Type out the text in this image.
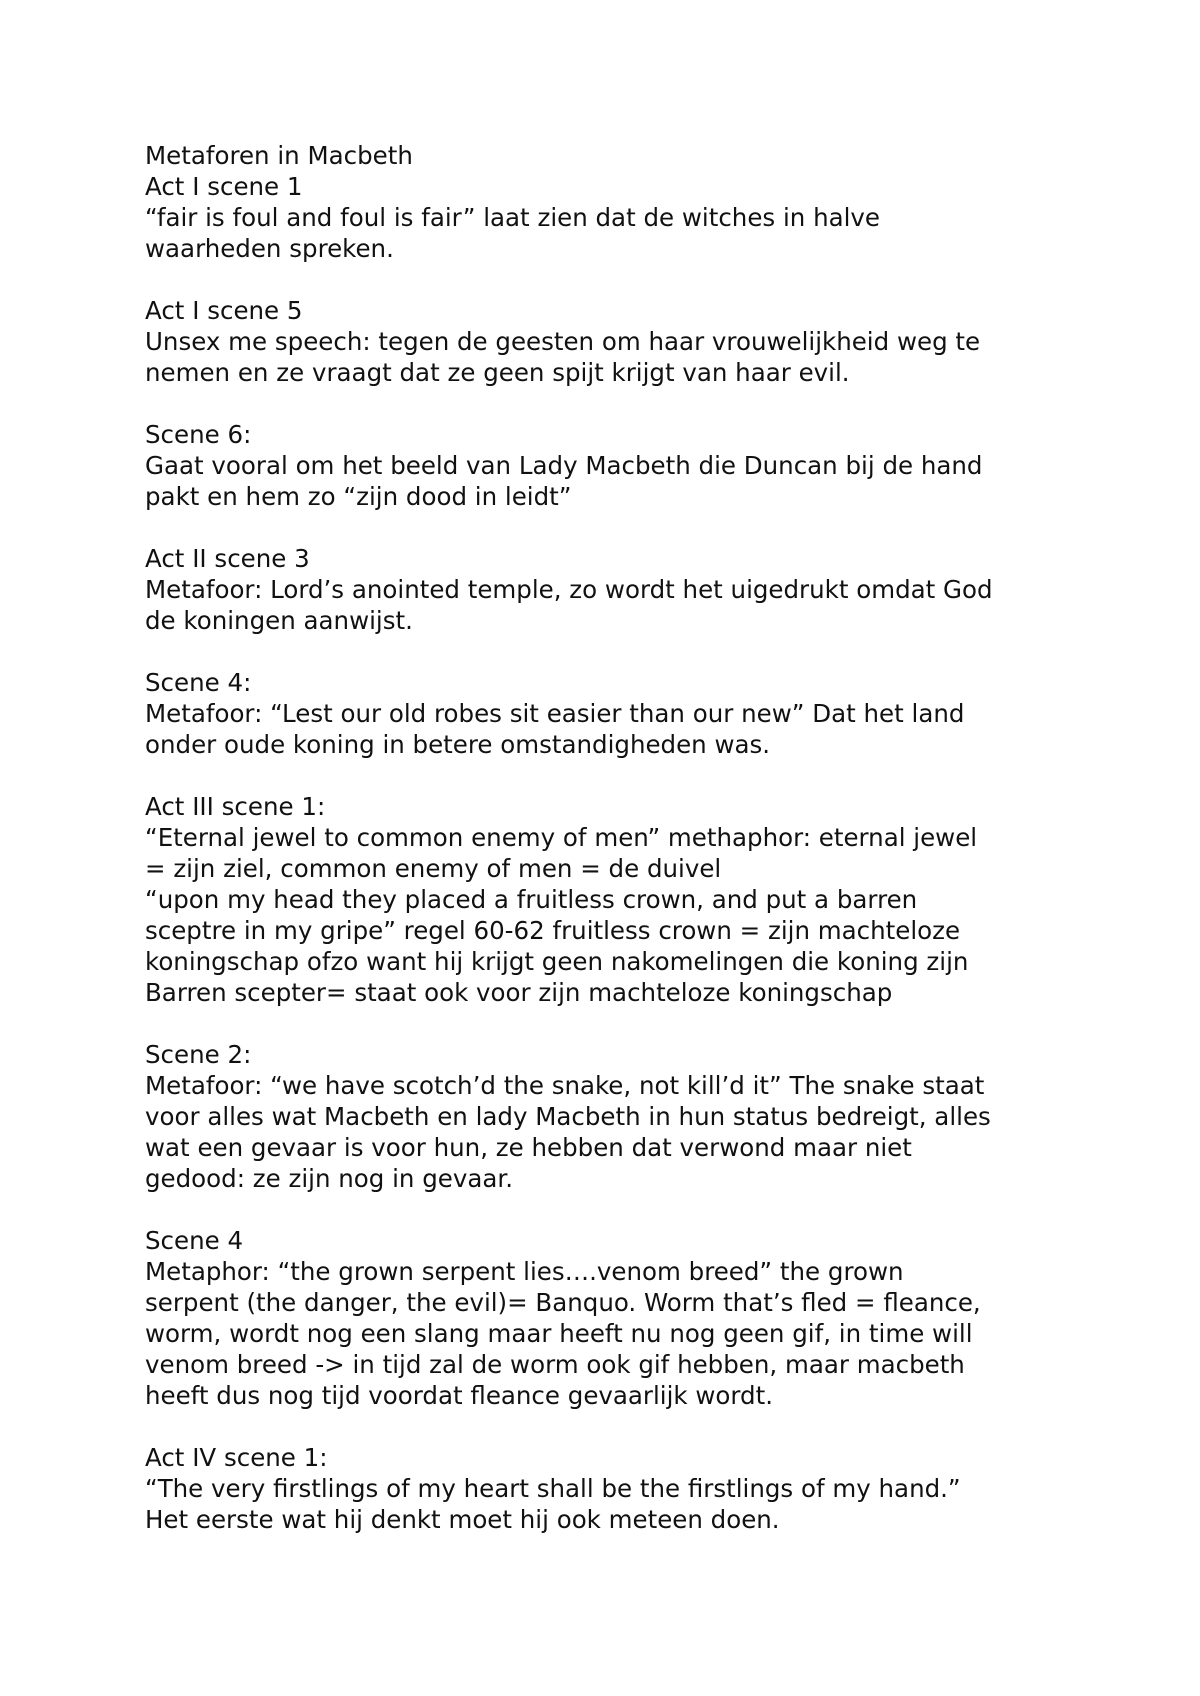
Metaforen in Macbeth
Act I scene 1
“fair is foul and foul is fair” laat zien dat de witches in halve
waarheden spreken.
Act I scene 5
Unsex me speech: tegen de geesten om haar vrouwelijkheid weg te
nemen en ze vraagt dat ze geen spijt krijgt van haar evil.
Scene 6:
Gaat vooral om het beeld van Lady Macbeth die Duncan bij de hand
pakt en hem zo “zijn dood in leidt”
Act II scene 3
Metafoor: Lord’s anointed temple, zo wordt het uigedrukt omdat God
de koningen aanwijst.
Scene 4:
Metafoor: “Lest our old robes sit easier than our new” Dat het land
onder oude koning in betere omstandigheden was.
Act III scene 1:
“Eternal jewel to common enemy of men” methaphor: eternal jewel
= zijn ziel, common enemy of men = de duivel
“upon my head they placed a fruitless crown, and put a barren
sceptre in my gripe” regel 60-62 fruitless crown = zijn machteloze
koningschap ofzo want hij krijgt geen nakomelingen die koning zijn
Barren scepter= staat ook voor zijn machteloze koningschap
Scene 2:
Metafoor: “we have scotch’d the snake, not kill’d it” The snake staat
voor alles wat Macbeth en lady Macbeth in hun status bedreigt, alles
wat een gevaar is voor hun, ze hebben dat verwond maar niet
gedood: ze zijn nog in gevaar.
Scene 4
Metaphor: “the grown serpent lies….venom breed” the grown
serpent (the danger, the evil)= Banquo. Worm that’s fled = fleance,
worm, wordt nog een slang maar heeft nu nog geen gif, in time will
venom breed -> in tijd zal de worm ook gif hebben, maar macbeth
heeft dus nog tijd voordat fleance gevaarlijk wordt.
Act IV scene 1:
“The very firstlings of my heart shall be the firstlings of my hand.”
Het eerste wat hij denkt moet hij ook meteen doen.
